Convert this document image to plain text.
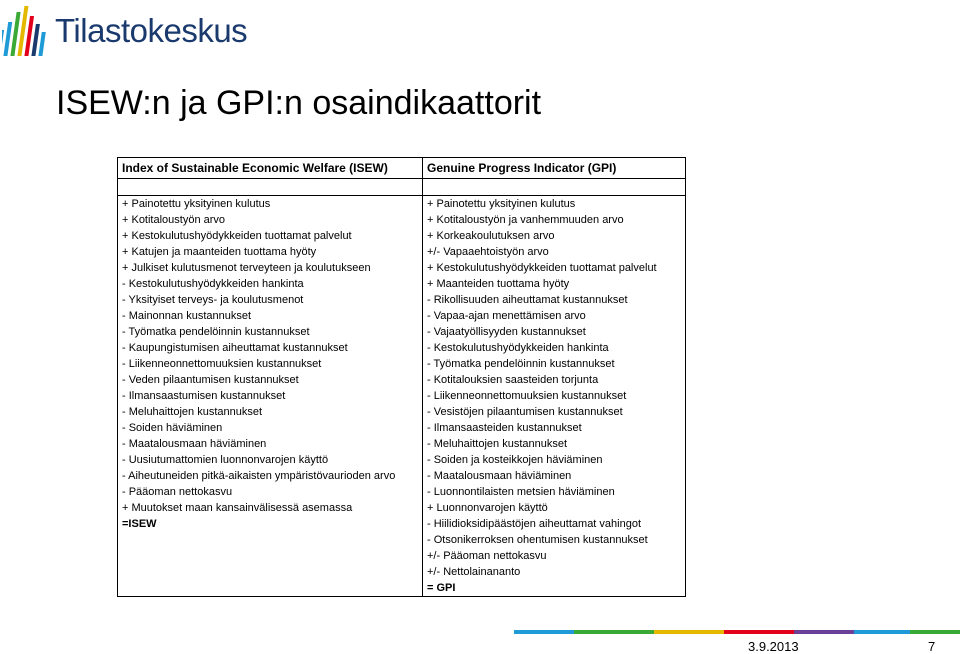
Tilastokeskus
ISEW:n ja GPI:n osaindikaattorit
Index of Sustainable Economic Welfare (ISEW)	Genuine Progress Indicator (GPI)

+ Painotettu yksityinen kulutus	+ Painotettu yksityinen kulutus
+ Kotitaloustyön arvo	+ Kotitaloustyön ja vanhemmuuden arvo
+ Kestokulutushyödykkeiden tuottamat palvelut	+ Korkeakoulutuksen arvo
+ Katujen ja maanteiden tuottama hyöty	+/- Vapaaehtoistyön arvo
+ Julkiset kulutusmenot terveyteen ja koulutukseen	+ Kestokulutushyödykkeiden tuottamat palvelut
- Kestokulutushyödykkeiden hankinta	+ Maanteiden tuottama hyöty
- Yksityiset terveys- ja koulutusmenot	- Rikollisuuden aiheuttamat kustannukset
- Mainonnan kustannukset	- Vapaa-ajan menettämisen arvo
- Työmatka pendelöinnin kustannukset	- Vajaatyöllisyyden kustannukset
- Kaupungistumisen aiheuttamat kustannukset	- Kestokulutushyödykkeiden hankinta
- Liikenneonnettomuuksien kustannukset	- Työmatka pendelöinnin kustannukset
- Veden pilaantumisen kustannukset	- Kotitalouksien saasteiden torjunta
- Ilmansaastumisen kustannukset	- Liikenneonnettomuuksien kustannukset
- Meluhaittojen kustannukset	- Vesistöjen pilaantumisen kustannukset
- Soiden häviäminen	- Ilmansaasteiden kustannukset
- Maatalousmaan häviäminen	- Meluhaittojen kustannukset
- Uusiutumattomien luonnonvarojen käyttö	- Soiden ja kosteikkojen häviäminen
- Aiheutuneiden pitkä-aikaisten ympäristövaurioden arvo	- Maatalousmaan häviäminen
- Pääoman nettokasvu	- Luonnontilaisten metsien häviäminen
+ Muutokset maan kansainvälisessä asemassa	+ Luonnonvarojen käyttö
=ISEW	- Hiilidioksidipäästöjen aiheuttamat vahingot
	- Otsonikerroksen ohentumisen kustannukset
	+/- Pääoman nettokasvu
	+/- Nettolainananto
	= GPI
3.9.2013	7
